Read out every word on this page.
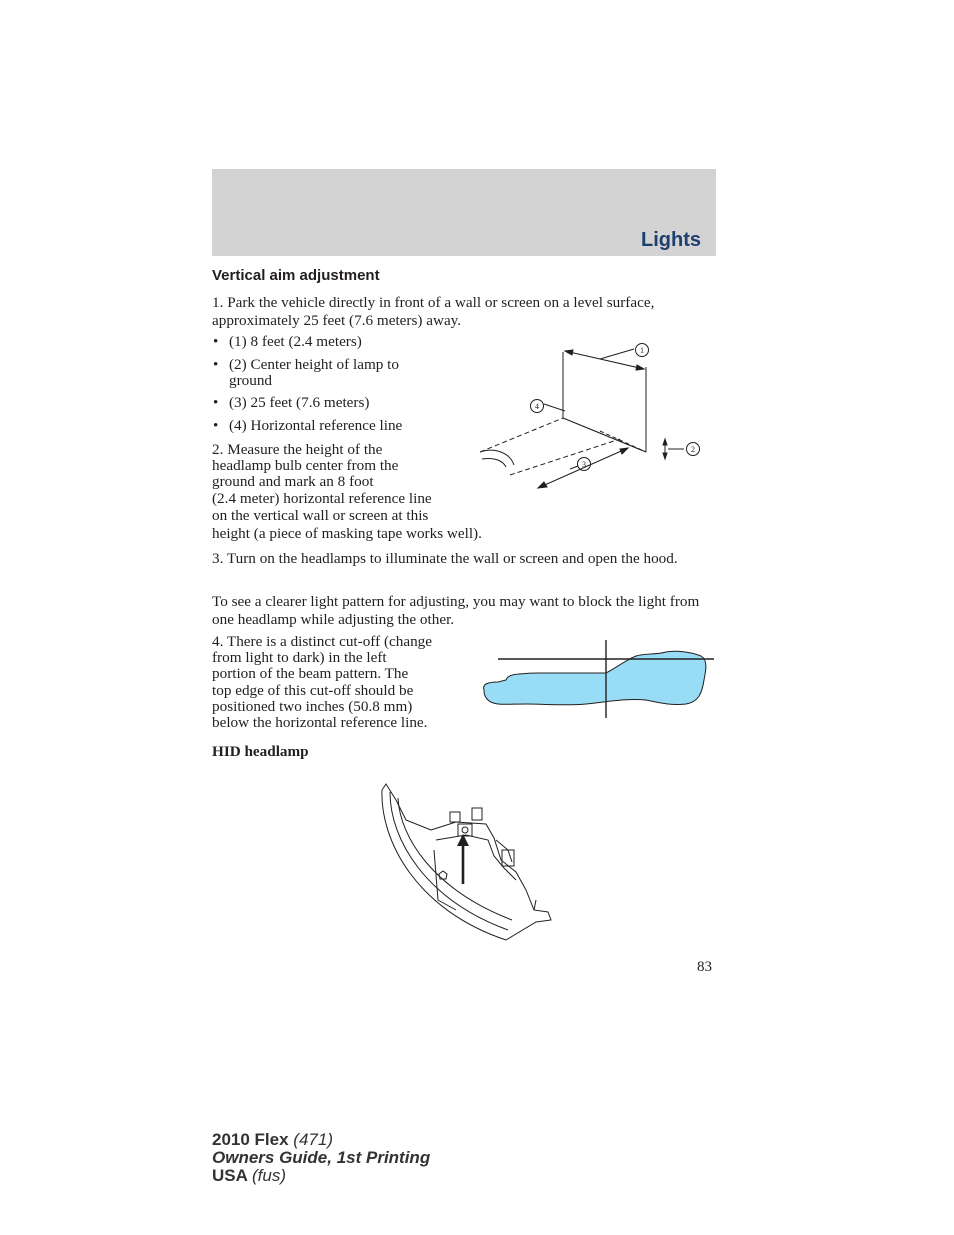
Lights
Vertical aim adjustment

1. Park the vehicle directly in front of a wall or screen on a level surface, approximately 25 feet (7.6 meters) away.

• (1) 8 feet (2.4 meters)
• (2) Center height of lamp to ground
• (3) 25 feet (7.6 meters)
• (4) Horizontal reference line
2. Measure the height of the
headlamp bulb center from the
ground and mark an 8 foot
(2.4 meter) horizontal reference line
on the vertical wall or screen at this
height (a piece of masking tape works well).

3. Turn on the headlamps to illuminate the wall or screen and open the hood.

To see a clearer light pattern for adjusting, you may want to block the light from one headlamp while adjusting the other.

4. There is a distinct cut-off (change
from light to dark) in the left
portion of the beam pattern. The
top edge of this cut-off should be
positioned two inches (50.8 mm)
below the horizontal reference line.
1
4
2
3
HID headlamp
83
2010 Flex (471)
Owners Guide, 1st Printing
USA (fus)
